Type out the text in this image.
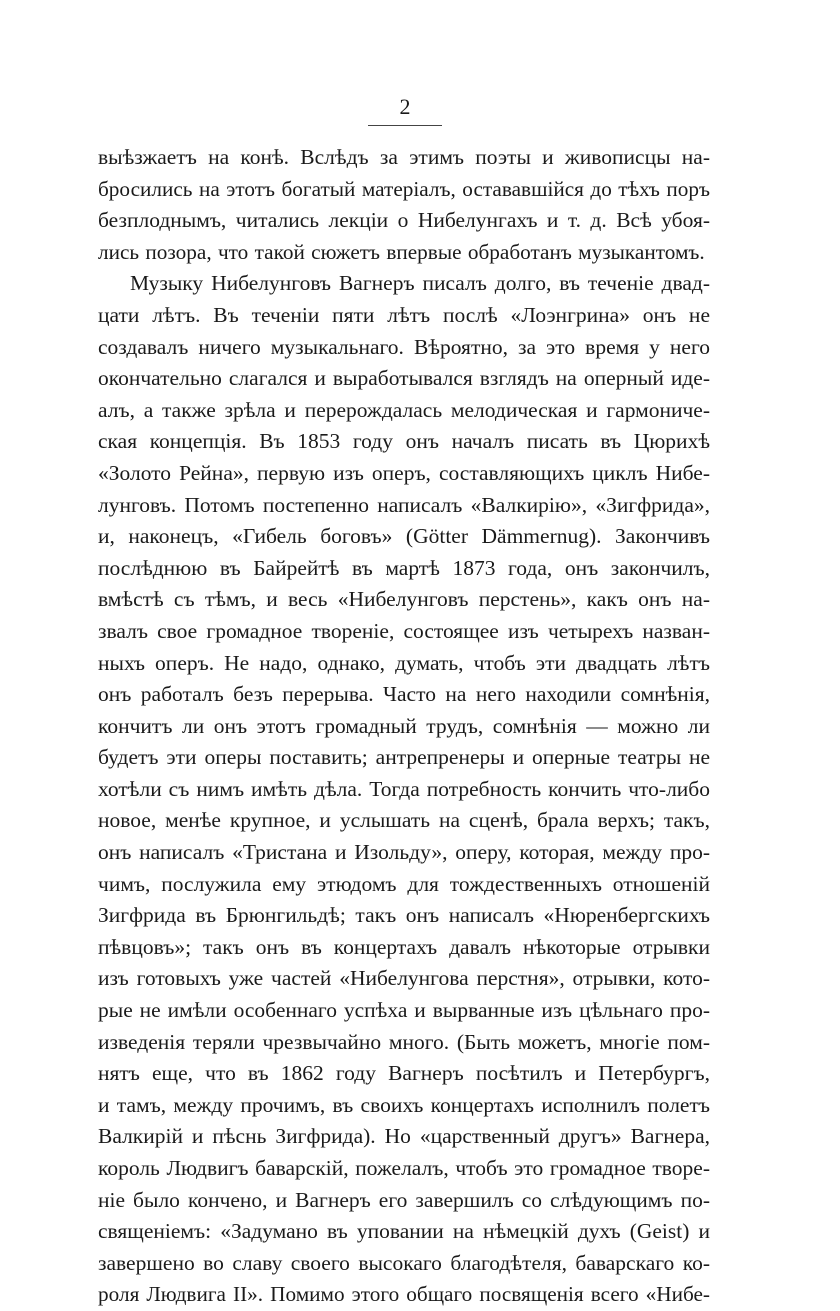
2
выѣзжаетъ на конѣ. Вслѣдъ за этимъ поэты и живописцы на-
бросились на этотъ богатый матеріалъ, остававшійся до тѣхъ поръ
безплоднымъ, читались лекціи о Нибелунгахъ и т. д. Всѣ убоя-
лись позора, что такой сюжетъ впервые обработанъ музыкантомъ.
Музыку Нибелунговъ Вагнеръ писалъ долго, въ теченіе двад-
цати лѣтъ. Въ теченіи пяти лѣтъ послѣ «Лоэнгрина» онъ не
создавалъ ничего музыкальнаго. Вѣроятно, за это время у него
окончательно слагался и выработывался взглядъ на оперный иде-
алъ, а также зрѣла и перерождалась мелодическая и гармониче-
ская концепція. Въ 1853 году онъ началъ писать въ Цюрихѣ
«Золото Рейна», первую изъ оперъ, составляющихъ циклъ Нибе-
лунговъ. Потомъ постепенно написалъ «Валкирію», «Зигфрида»,
и, наконецъ, «Гибель боговъ» (Götter Dämmernug). Закончивъ
послѣднюю въ Байрейтѣ въ мартѣ 1873 года, онъ закончилъ,
вмѣстѣ съ тѣмъ, и весь «Нибелунговъ перстень», какъ онъ на-
звалъ свое громадное твореніе, состоящее изъ четырехъ назван-
ныхъ оперъ. Не надо, однако, думать, чтобъ эти двадцать лѣтъ
онъ работалъ безъ перерыва. Часто на него находили сомнѣнія,
кончитъ ли онъ этотъ громадный трудъ, сомнѣнія — можно ли
будетъ эти оперы поставить; антрепренеры и оперные театры не
хотѣли съ нимъ имѣть дѣла. Тогда потребность кончить что-либо
новое, менѣе крупное, и услышать на сценѣ, брала верхъ; такъ,
онъ написалъ «Тристана и Изольду», оперу, которая, между про-
чимъ, послужила ему этюдомъ для тождественныхъ отношеній
Зигфрида въ Брюнгильдѣ; такъ онъ написалъ «Нюренбергскихъ
пѣвцовъ»; такъ онъ въ концертахъ давалъ нѣкоторые отрывки
изъ готовыхъ уже частей «Нибелунгова перстня», отрывки, кото-
рые не имѣли особеннаго успѣха и вырванные изъ цѣльнаго про-
изведенія теряли чрезвычайно много. (Быть можетъ, многіе пом-
нятъ еще, что въ 1862 году Вагнеръ посѣтилъ и Петербургъ,
и тамъ, между прочимъ, въ своихъ концертахъ исполнилъ полетъ
Валкирій и пѣснь Зигфрида). Но «царственный другъ» Вагнера,
король Людвигъ баварскій, пожелалъ, чтобъ это громадное творе-
ніе было кончено, и Вагнеръ его завершилъ со слѣдующимъ по-
священіемъ: «Задумано въ уповании на нѣмецкій духъ (Geist) и
завершено во славу своего высокаго благодѣтеля, баварскаго ко-
роля Людвига II». Помимо этого общаго посвященія всего «Нибе-
